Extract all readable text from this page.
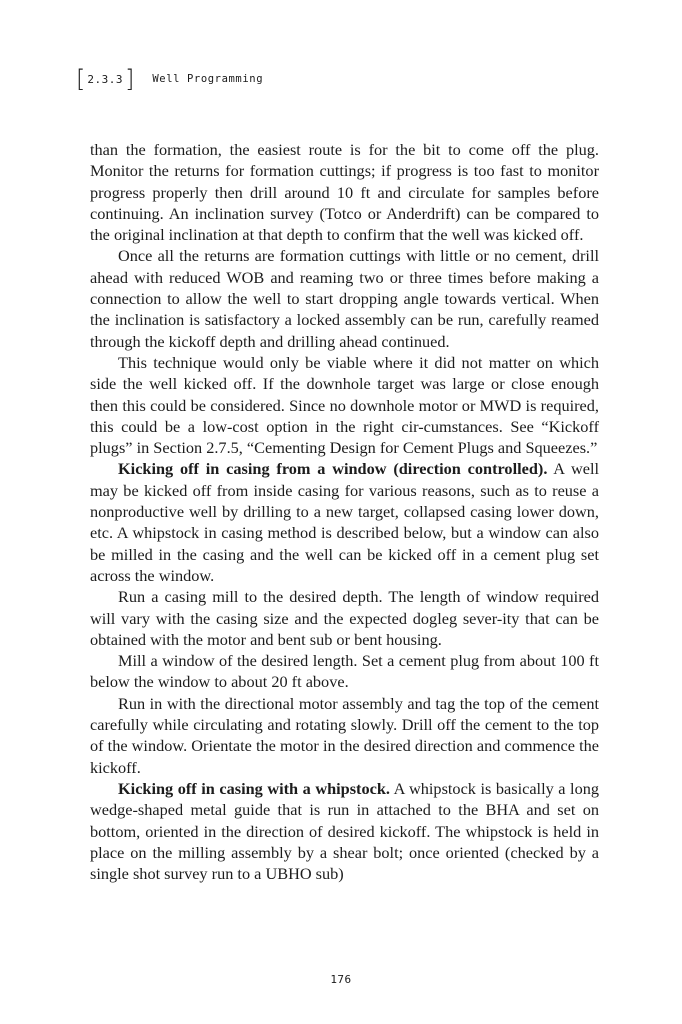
[ 2.3.3 ] Well Programming

than the formation, the easiest route is for the bit to come off the plug. Monitor the returns for formation cuttings; if progress is too fast to monitor progress properly then drill around 10 ft and circulate for samples before continuing. An inclination survey (Totco or Anderdrift) can be compared to the original inclination at that depth to confirm that the well was kicked off.

Once all the returns are formation cuttings with little or no cement, drill ahead with reduced WOB and reaming two or three times before making a connection to allow the well to start dropping angle towards vertical. When the inclination is satisfactory a locked assembly can be run, carefully reamed through the kickoff depth and drilling ahead continued.

This technique would only be viable where it did not matter on which side the well kicked off. If the downhole target was large or close enough then this could be considered. Since no downhole motor or MWD is required, this could be a low-cost option in the right cir-cumstances. See “Kickoff plugs” in Section 2.7.5, “Cementing Design for Cement Plugs and Squeezes.”

Kicking off in casing from a window (direction controlled). A well may be kicked off from inside casing for various reasons, such as to reuse a nonproductive well by drilling to a new target, collapsed casing lower down, etc. A whipstock in casing method is described below, but a window can also be milled in the casing and the well can be kicked off in a cement plug set across the window.

Run a casing mill to the desired depth. The length of window required will vary with the casing size and the expected dogleg sever-ity that can be obtained with the motor and bent sub or bent housing.

Mill a window of the desired length. Set a cement plug from about 100 ft below the window to about 20 ft above.

Run in with the directional motor assembly and tag the top of the cement carefully while circulating and rotating slowly. Drill off the cement to the top of the window. Orientate the motor in the desired direction and commence the kickoff.

Kicking off in casing with a whipstock. A whipstock is basically a long wedge-shaped metal guide that is run in attached to the BHA and set on bottom, oriented in the direction of desired kickoff. The whipstock is held in place on the milling assembly by a shear bolt; once oriented (checked by a single shot survey run to a UBHO sub)

176
